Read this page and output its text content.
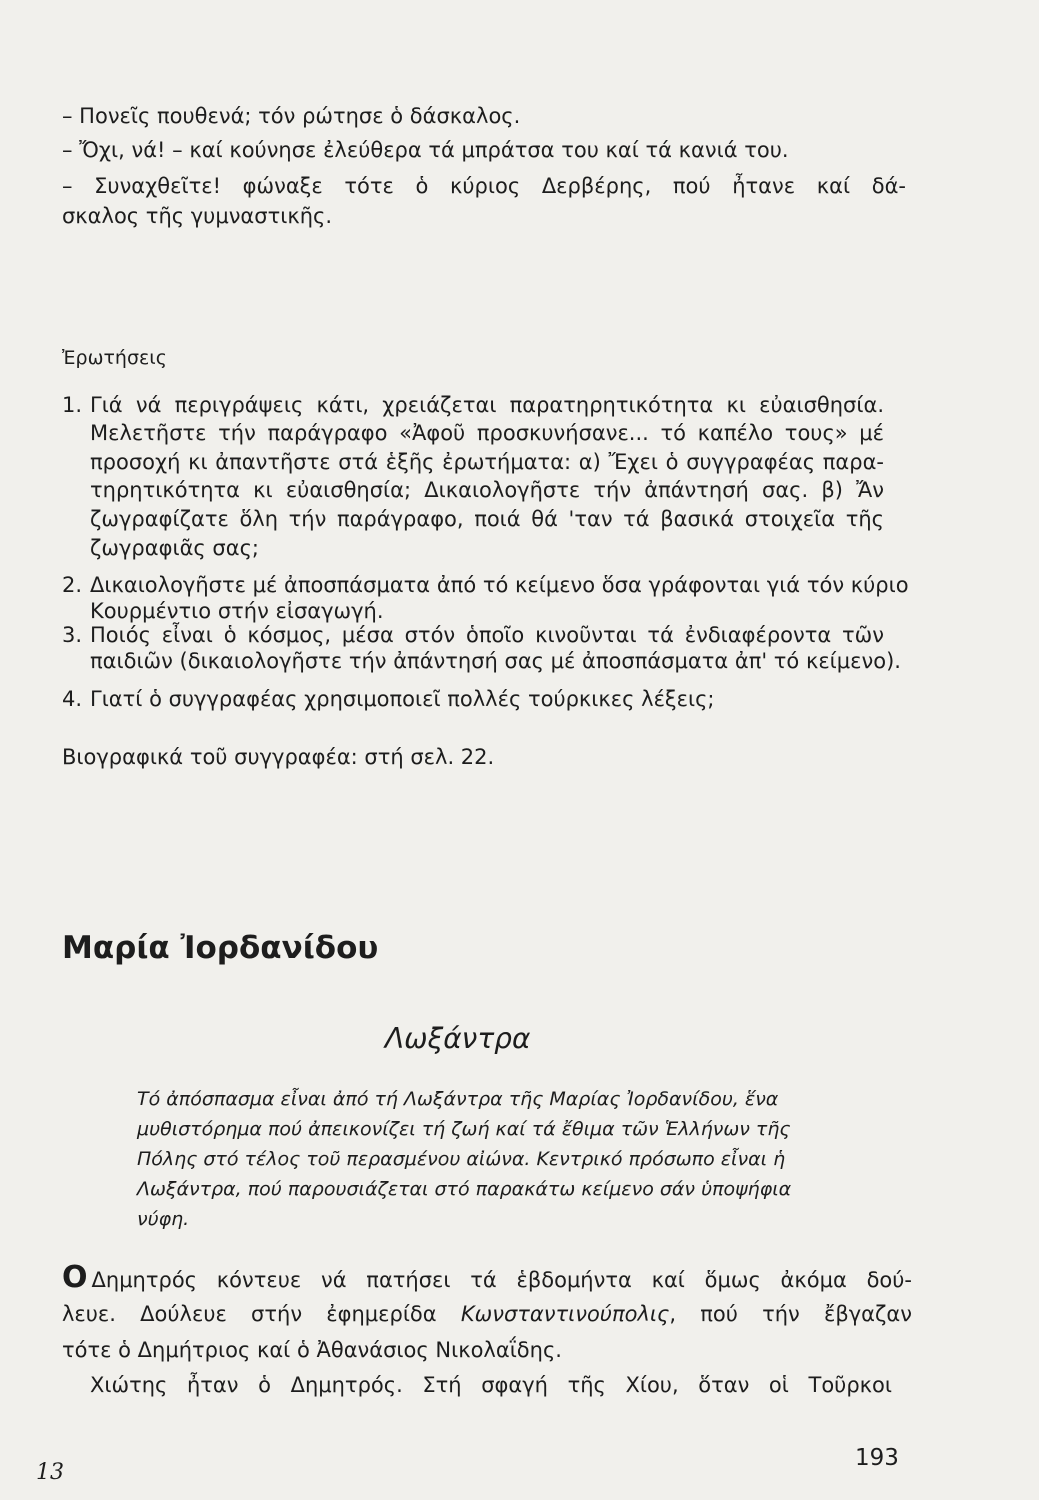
– Πονεῖς πουθενά; τόν ρώτησε ὁ δάσκαλος.
– Ὄχι, νά! – καί κούνησε ἐλεύθερα τά μπράτσα του καί τά κανιά του.
– Συναχθεῖτε! φώναξε τότε ὁ κύριος Δερβέρης, πού ἦτανε καί δά-
σκαλος τῆς γυμναστικῆς.
Ἐρωτήσεις
1. Γιά νά περιγράψεις κάτι, χρειάζεται παρατηρητικότητα κι εὐαισθησία.
Μελετῆστε τήν παράγραφο «Ἀφοῦ προσκυνήσανε... τό καπέλο τους» μέ
προσοχή κι ἀπαντῆστε στά ἑξῆς ἐρωτήματα: α) Ἔχει ὁ συγγραφέας παρα-
τηρητικότητα κι εὐαισθησία; Δικαιολογῆστε τήν ἀπάντησή σας. β) Ἄν
ζωγραφίζατε ὅλη τήν παράγραφο, ποιά θά 'ταν τά βασικά στοιχεῖα τῆς
ζωγραφιᾶς σας;
2. Δικαιολογῆστε μέ ἀποσπάσματα ἀπό τό κείμενο ὅσα γράφονται γιά τόν κύριο
Κουρμέντιο στήν εἰσαγωγή.
3. Ποιός εἶναι ὁ κόσμος, μέσα στόν ὁποῖο κινοῦνται τά ἐνδιαφέροντα τῶν
παιδιῶν (δικαιολογῆστε τήν ἀπάντησή σας μέ ἀποσπάσματα ἀπ' τό κείμενο).
4. Γιατί ὁ συγγραφέας χρησιμοποιεῖ πολλές τούρκικες λέξεις;
Βιογραφικά τοῦ συγγραφέα: στή σελ. 22.
Μαρία Ἰορδανίδου
Λωξάντρα
Τό ἀπόσπασμα εἶναι ἀπό τή Λωξάντρα τῆς Μαρίας Ἰορδανίδου, ἕνα
μυθιστόρημα πού ἀπεικονίζει τή ζωή καί τά ἔθιμα τῶν Ἑλλήνων τῆς
Πόλης στό τέλος τοῦ περασμένου αἰώνα. Κεντρικό πρόσωπο εἶναι ἡ
Λωξάντρα, πού παρουσιάζεται στό παρακάτω κείμενο σάν ὑποψήφια
νύφη.
Ο Δημητρός κόντευε νά πατήσει τά ἑβδομήντα καί ὅμως ἀκόμα δού-
λευε. Δούλευε στήν ἐφημερίδα Κωνσταντινούπολις, πού τήν ἔβγαζαν
τότε ὁ Δημήτριος καί ὁ Ἀθανάσιος Νικολαΐδης.
Χιώτης ἦταν ὁ Δημητρός. Στή σφαγή τῆς Χίου, ὅταν οἱ Τοῦρκοι
13
193
